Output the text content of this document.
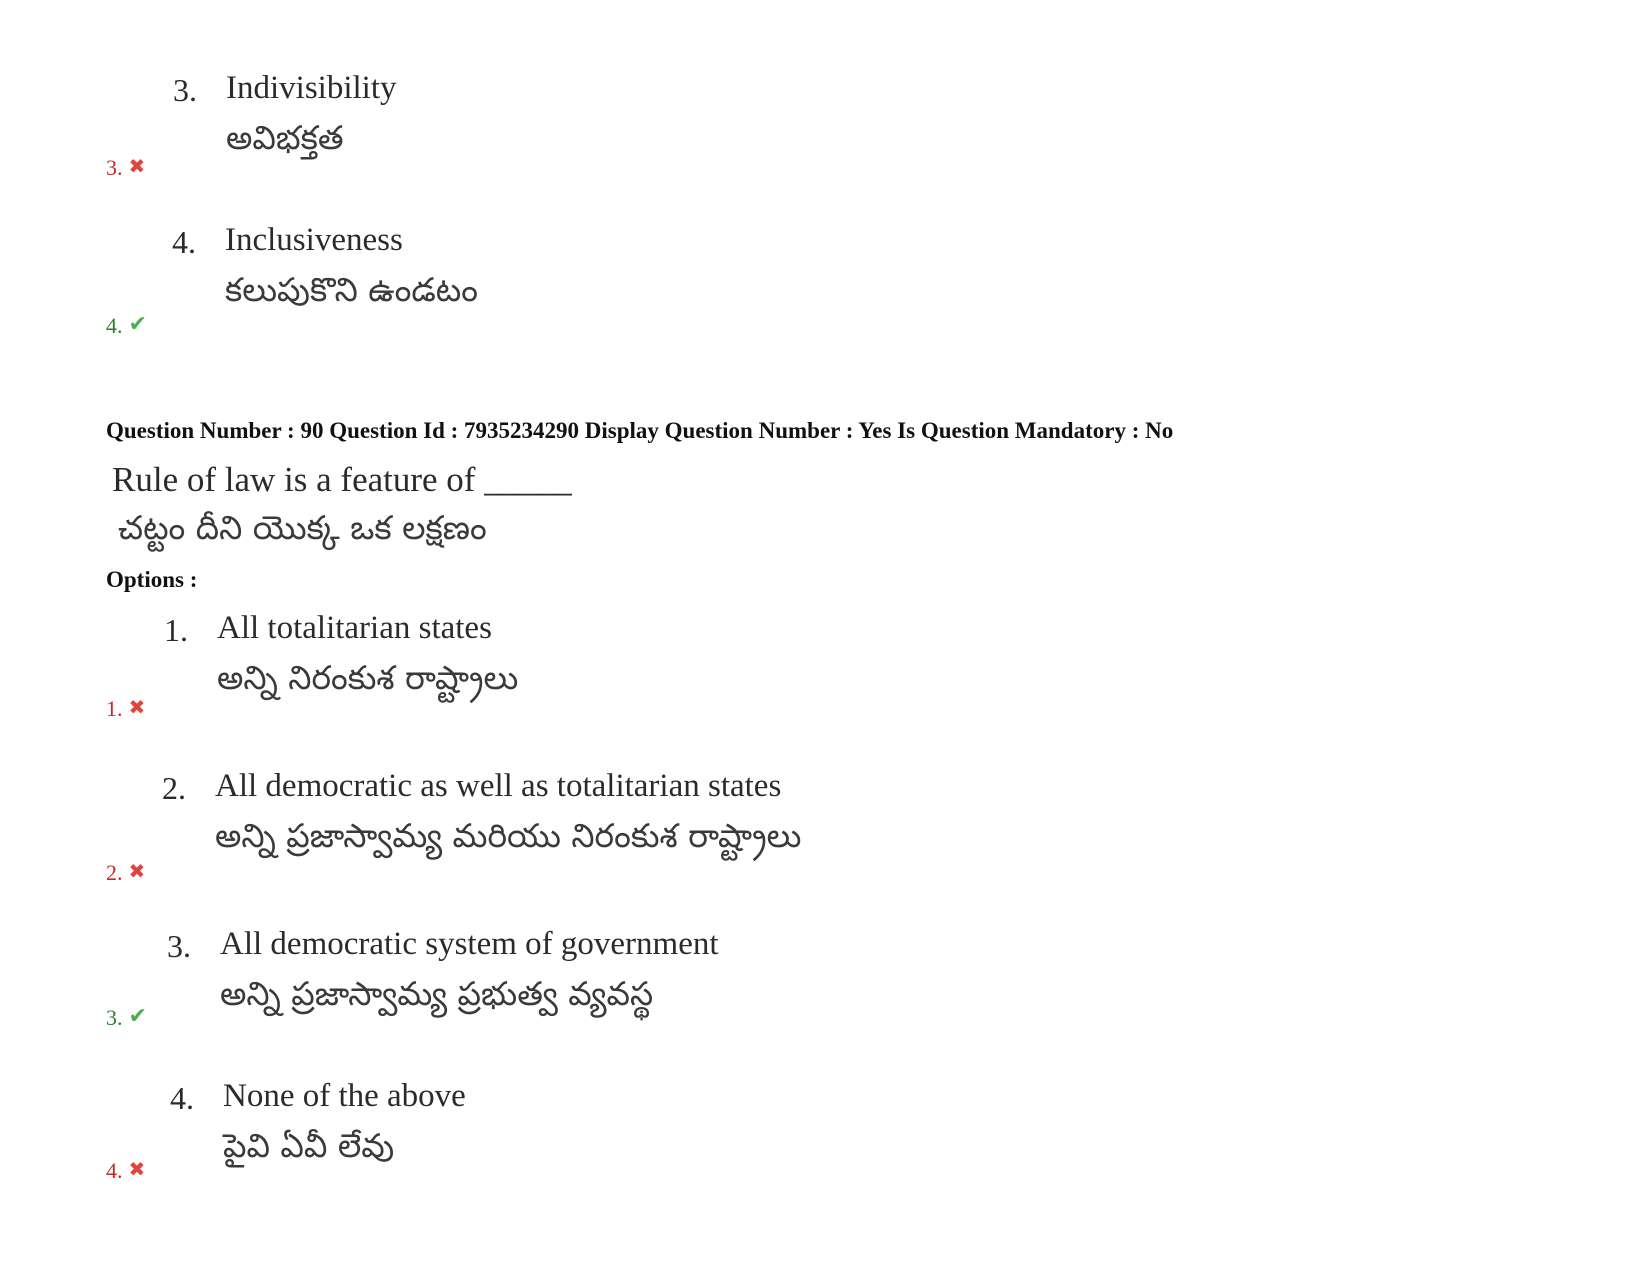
3. Indivisibility
అవిభక్తత
3. ✖
4. Inclusiveness
కలుపుకొని ఉండటం
4. ✔
Question Number : 90 Question Id : 7935234290 Display Question Number : Yes Is Question Mandatory : No
Rule of law is a feature of _____
చట్టం దీని యొక్క ఒక లక్షణం
Options :
1. All totalitarian states
అన్ని నిరంకుశ రాష్ట్రాలు
1. ✖
2. All democratic as well as totalitarian states
అన్ని ప్రజాస్వామ్య మరియు నిరంకుశ రాష్ట్రాలు
2. ✖
3. All democratic system of government
అన్ని ప్రజాస్వామ్య ప్రభుత్వ వ్యవస్థ
3. ✔
4. None of the above
పైవి ఏవీ లేవు
4. ✖
